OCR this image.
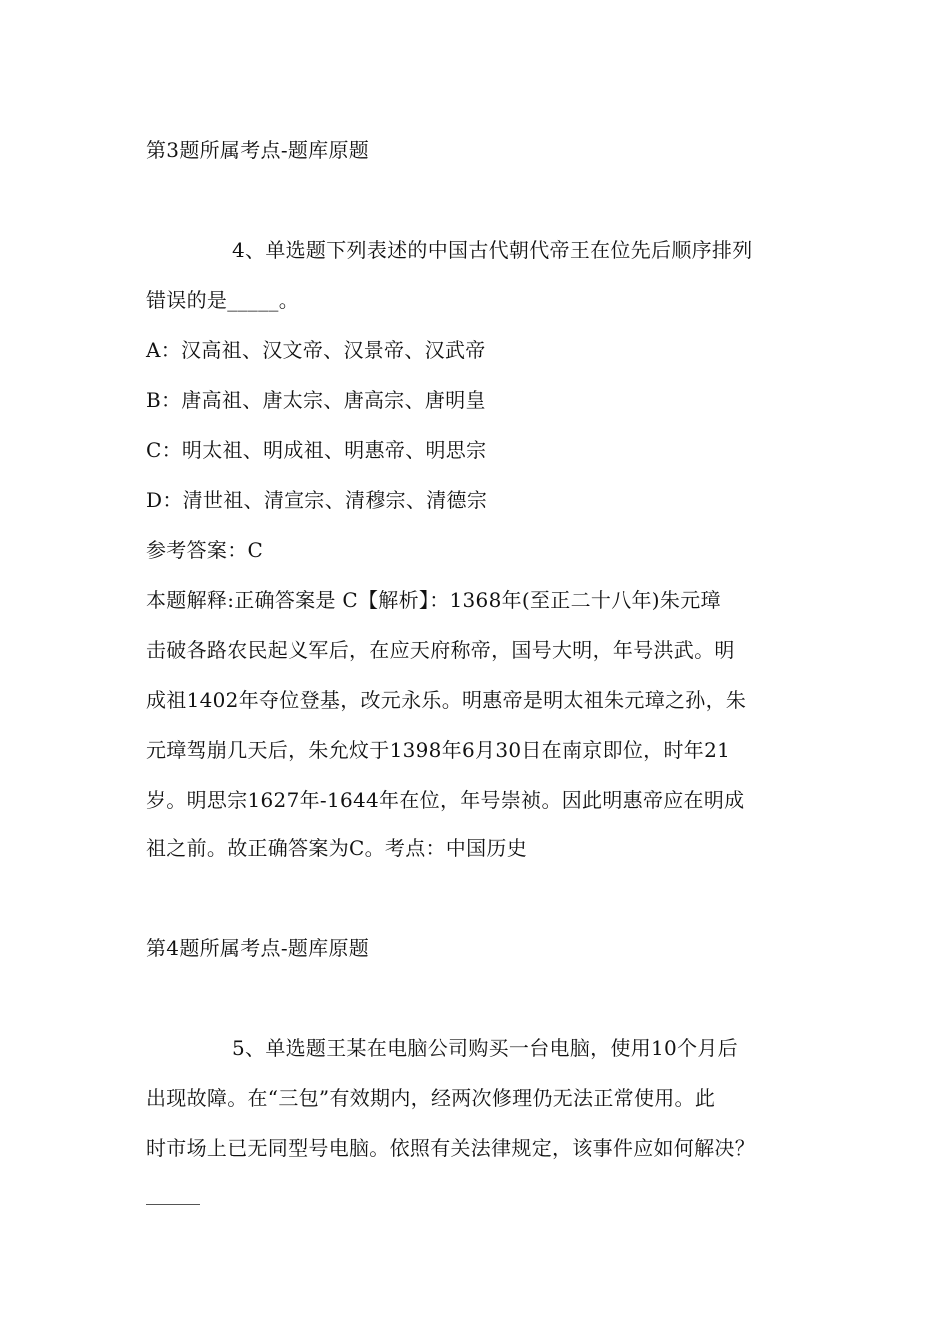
第3题所属考点-题库原题
4、单选题下列表述的中国古代朝代帝王在位先后顺序排列
错误的是_____。
A：汉高祖、汉文帝、汉景帝、汉武帝
B：唐高祖、唐太宗、唐高宗、唐明皇
C：明太祖、明成祖、明惠帝、明思宗
D：清世祖、清宣宗、清穆宗、清德宗
参考答案：C
本题解释:正确答案是 C【解析】：1368年(至正二十八年)朱元璋
击破各路农民起义军后，在应天府称帝，国号大明，年号洪武。明
成祖1402年夺位登基，改元永乐。明惠帝是明太祖朱元璋之孙，朱
元璋驾崩几天后，朱允炆于1398年6月30日在南京即位，时年21
岁。明思宗1627年-1644年在位，年号崇祯。因此明惠帝应在明成
祖之前。故正确答案为C。考点：中国历史
第4题所属考点-题库原题
5、单选题王某在电脑公司购买一台电脑，使用10个月后
出现故障。在“三包”有效期内，经两次修理仍无法正常使用。此
时市场上已无同型号电脑。依照有关法律规定，该事件应如何解决？
